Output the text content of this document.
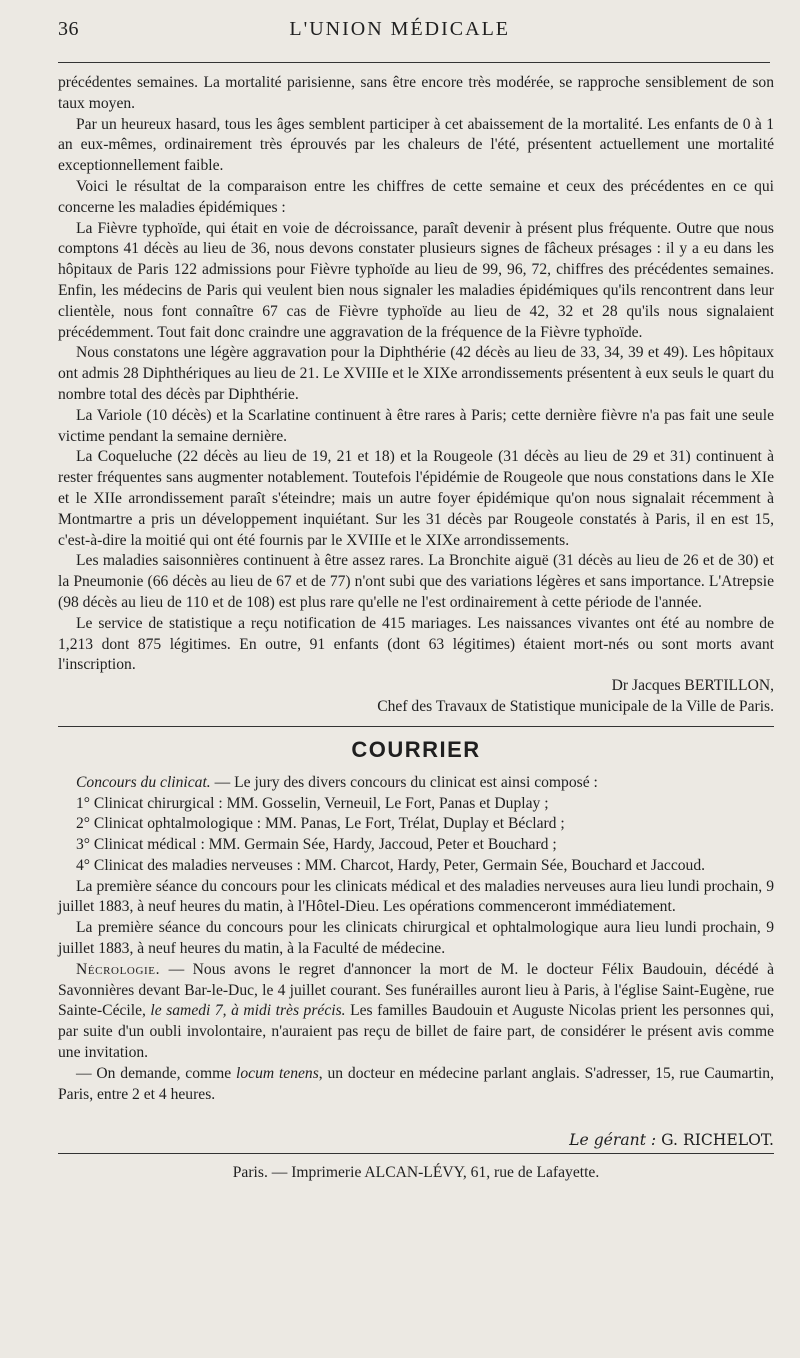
36	L'UNION MÉDICALE

précédentes semaines. La mortalité parisienne, sans être encore très modérée, se rapproche sensiblement de son taux moyen.

Par un heureux hasard, tous les âges semblent participer à cet abaissement de la mortalité. Les enfants de 0 à 1 an eux-mêmes, ordinairement très éprouvés par les chaleurs de l'été, présentent actuellement une mortalité exceptionnellement faible.

Voici le résultat de la comparaison entre les chiffres de cette semaine et ceux des précédentes en ce qui concerne les maladies épidémiques :

La Fièvre typhoïde, qui était en voie de décroissance, paraît devenir à présent plus fréquente. Outre que nous comptons 41 décès au lieu de 36, nous devons constater plusieurs signes de fâcheux présages : il y a eu dans les hôpitaux de Paris 122 admissions pour Fièvre typhoïde au lieu de 99, 96, 72, chiffres des précédentes semaines. Enfin, les médecins de Paris qui veulent bien nous signaler les maladies épidémiques qu'ils rencontrent dans leur clientèle, nous font connaître 67 cas de Fièvre typhoïde au lieu de 42, 32 et 28 qu'ils nous signalaient précédemment. Tout fait donc craindre une aggravation de la fréquence de la Fièvre typhoïde.

Nous constatons une légère aggravation pour la Diphthérie (42 décès au lieu de 33, 34, 39 et 49). Les hôpitaux ont admis 28 Diphthériques au lieu de 21. Le XVIIIe et le XIXe arrondissements présentent à eux seuls le quart du nombre total des décès par Diphthérie.

La Variole (10 décès) et la Scarlatine continuent à être rares à Paris; cette dernière fièvre n'a pas fait une seule victime pendant la semaine dernière.

La Coqueluche (22 décès au lieu de 19, 21 et 18) et la Rougeole (31 décès au lieu de 29 et 31) continuent à rester fréquentes sans augmenter notablement. Toutefois l'épidémie de Rougeole que nous constations dans le XIe et le XIIe arrondissement paraît s'éteindre; mais un autre foyer épidémique qu'on nous signalait récemment à Montmartre a pris un développement inquiétant. Sur les 31 décès par Rougeole constatés à Paris, il en est 15, c'est-à-dire la moitié qui ont été fournis par le XVIIIe et le XIXe arrondissements.

Les maladies saisonnières continuent à être assez rares. La Bronchite aiguë (31 décès au lieu de 26 et de 30) et la Pneumonie (66 décès au lieu de 67 et de 77) n'ont subi que des variations légères et sans importance. L'Atrepsie (98 décès au lieu de 110 et de 108) est plus rare qu'elle ne l'est ordinairement à cette période de l'année.

Le service de statistique a reçu notification de 415 mariages. Les naissances vivantes ont été au nombre de 1,213 dont 875 légitimes. En outre, 91 enfants (dont 63 légitimes) étaient mort-nés ou sont morts avant l'inscription.

Dr Jacques BERTILLON,

Chef des Travaux de Statistique municipale de la Ville de Paris.

COURRIER

Concours du clinicat. — Le jury des divers concours du clinicat est ainsi composé :

1° Clinicat chirurgical : MM. Gosselin, Verneuil, Le Fort, Panas et Duplay ;

2° Clinicat ophtalmologique : MM. Panas, Le Fort, Trélat, Duplay et Béclard ;

3° Clinicat médical : MM. Germain Sée, Hardy, Jaccoud, Peter et Bouchard ;

4° Clinicat des maladies nerveuses : MM. Charcot, Hardy, Peter, Germain Sée, Bouchard et Jaccoud.

La première séance du concours pour les clinicats médical et des maladies nerveuses aura lieu lundi prochain, 9 juillet 1883, à neuf heures du matin, à l'Hôtel-Dieu. Les opérations commenceront immédiatement.

La première séance du concours pour les clinicats chirurgical et ophtalmologique aura lieu lundi prochain, 9 juillet 1883, à neuf heures du matin, à la Faculté de médecine.

Nécrologie. — Nous avons le regret d'annoncer la mort de M. le docteur Félix Baudouin, décédé à Savonnières devant Bar-le-Duc, le 4 juillet courant. Ses funérailles auront lieu à Paris, à l'église Saint-Eugène, rue Sainte-Cécile, le samedi 7, à midi très précis. Les familles Baudouin et Auguste Nicolas prient les personnes qui, par suite d'un oubli involontaire, n'auraient pas reçu de billet de faire part, de considérer le présent avis comme une invitation.

— On demande, comme locum tenens, un docteur en médecine parlant anglais. S'adresser, 15, rue Caumartin, Paris, entre 2 et 4 heures.

Le gérant : G. RICHELOT.
Paris. — Imprimerie ALCAN-LÉVY, 61, rue de Lafayette.
